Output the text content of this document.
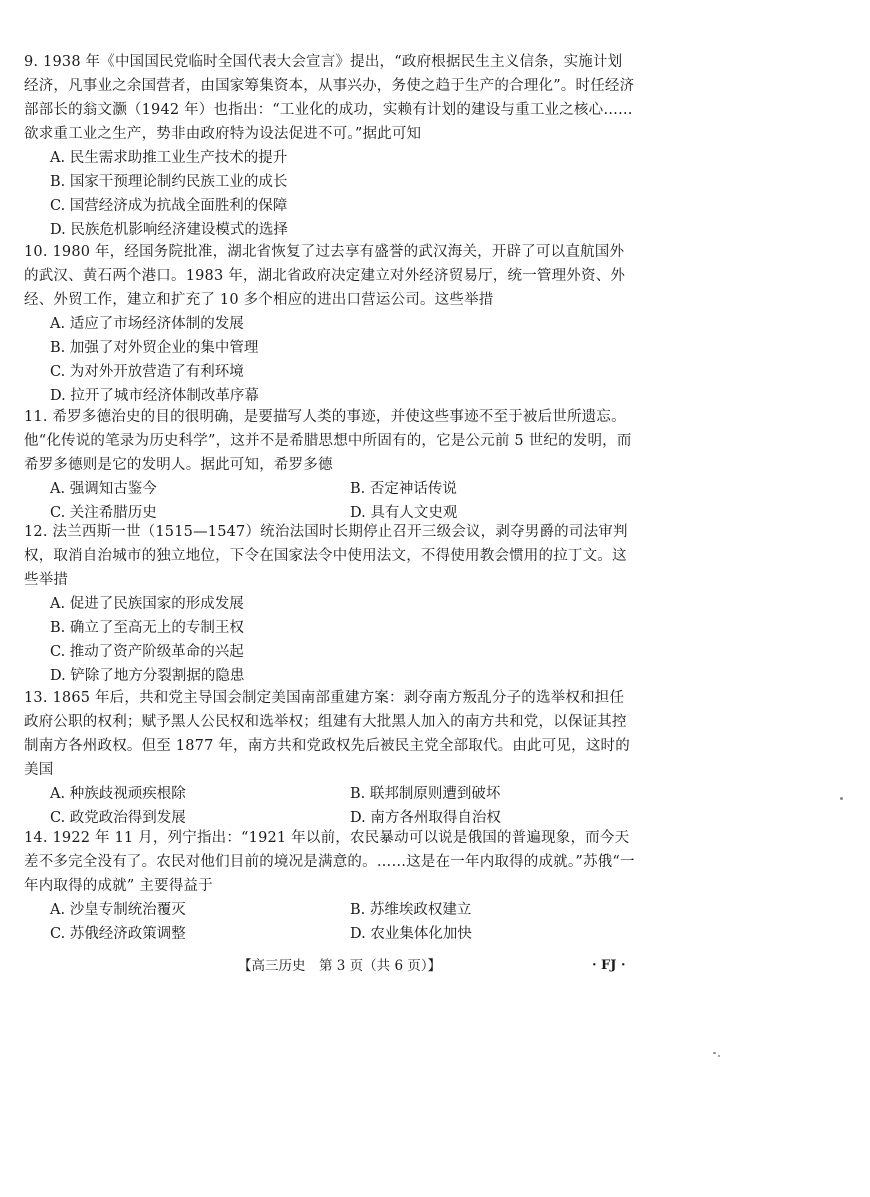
9. 1938 年《中国国民党临时全国代表大会宣言》提出，“政府根据民生主义信条，实施计划经济，凡事业之余国营者，由国家筹集资本，从事兴办，务使之趋于生产的合理化”。时任经济部部长的翁文灏（1942 年）也指出：“工业化的成功，实赖有计划的建设与重工业之核心……欲求重工业之生产，势非由政府特为设法促进不可。”据此可知

A. 民生需求助推工业生产技术的提升
B. 国家干预理论制约民族工业的成长
C. 国营经济成为抗战全面胜利的保障
D. 民族危机影响经济建设模式的选择

10. 1980 年，经国务院批准，湖北省恢复了过去享有盛誉的武汉海关，开辟了可以直航国外的武汉、黄石两个港口。1983 年，湖北省政府决定建立对外经济贸易厅，统一管理外资、外经、外贸工作，建立和扩充了 10 多个相应的进出口营运公司。这些举措

A. 适应了市场经济体制的发展
B. 加强了对外贸企业的集中管理
C. 为对外开放营造了有利环境
D. 拉开了城市经济体制改革序幕

11. 希罗多德治史的目的很明确，是要描写人类的事迹，并使这些事迹不至于被后世所遗忘。他“化传说的笔录为历史科学”，这并不是希腊思想中所固有的，它是公元前 5 世纪的发明，而希罗多德则是它的发明人。据此可知，希罗多德

A. 强调知古鉴今	B. 否定神话传说
C. 关注希腊历史	D. 具有人文史观

12. 法兰西斯一世（1515—1547）统治法国时长期停止召开三级会议，剥夺男爵的司法审判权，取消自治城市的独立地位，下令在国家法令中使用法文，不得使用教会惯用的拉丁文。这些举措

A. 促进了民族国家的形成发展
B. 确立了至高无上的专制王权
C. 推动了资产阶级革命的兴起
D. 铲除了地方分裂割据的隐患

13. 1865 年后，共和党主导国会制定美国南部重建方案：剥夺南方叛乱分子的选举权和担任政府公职的权利；赋予黑人公民权和选举权；组建有大批黑人加入的南方共和党，以保证其控制南方各州政权。但至 1877 年，南方共和党政权先后被民主党全部取代。由此可见，这时的美国

A. 种族歧视顽疾根除	B. 联邦制原则遭到破坏
C. 政党政治得到发展	D. 南方各州取得自治权

14. 1922 年 11 月，列宁指出：“1921 年以前，农民暴动可以说是俄国的普遍现象，而今天差不多完全没有了。农民对他们目前的境况是满意的。……这是在一年内取得的成就。”苏俄“一年内取得的成就” 主要得益于

A. 沙皇专制统治覆灭	B. 苏维埃政权建立
C. 苏俄经济政策调整	D. 农业集体化加快
【高三历史　第 3 页（共 6 页）】	· FJ ·
